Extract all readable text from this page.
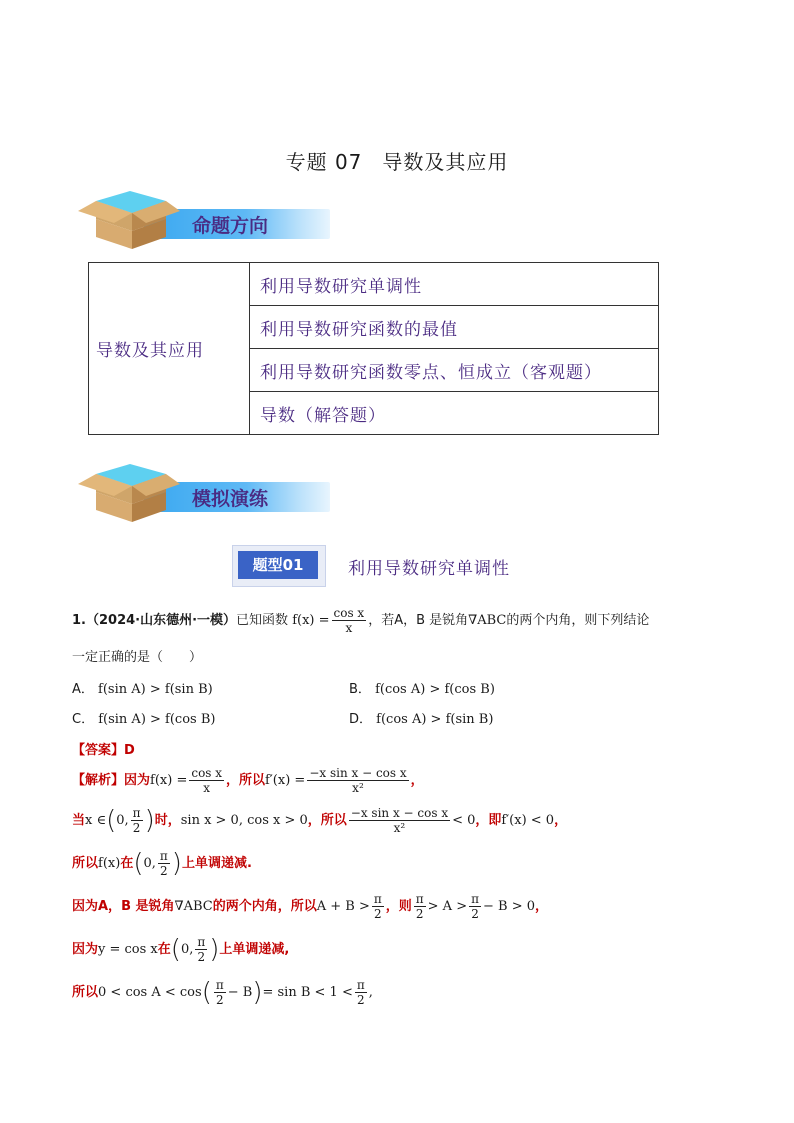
专题 07 导数及其应用
命题方向
导数及其应用	利用导数研究单调性
利用导数研究函数的最值
利用导数研究函数零点、恒成立（客观题）
导数（解答题）
模拟演练
题型01	利用导数研究单调性
1.（2024·山东德州·一模）已知函数 $f(x) = \frac{\text{cos x}}{x}$ ，若A，B 是锐角∇ABC的两个内角，则下列结论
一定正确的是（　　）
A． f(sin A) > f(sin B)	B． f(cos A) > f(cos B)
C． f(sin A) > f(cos B)	D． f(cos A) > f(sin B)
【答案】D
【解析】因为$f(x) = \frac{\text{cos x}}{x}$ ，所以$f'(x) = \frac{\text{−x sin x − cos x}}{\text{x²}}$ ，
当x ∈(0, $\frac{\pi}{2}$ )时，sin x > 0, cos x > 0，所以 $\frac{\text{−x sin x − cos x}}{\text{x²}} < 0$，即f′(x) < 0，
所以f(x)在(0, $\frac{\pi}{2}$ )上单调递减.
因为A，B 是锐角∇ABC的两个内角，所以$A + B > \frac{\pi}{2}$ ，则 $\frac{\pi}{2} > A > \frac{\pi}{2} - B > 0$，
因为y = cos x在(0, $\frac{\pi}{2}$ )上单调递减,
所以$0 < \cos A < \cos( \frac{\pi}{2} - B)= \sin B < 1 < \frac{\pi}{2}$ ,
